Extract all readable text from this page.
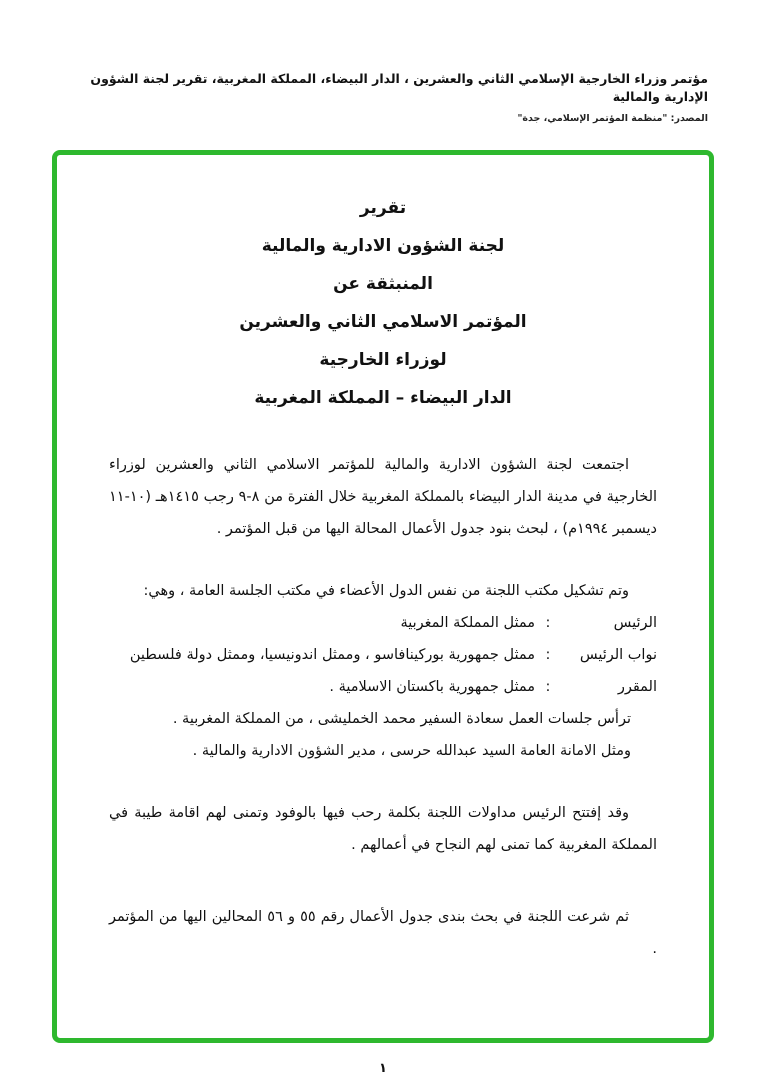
مؤتمر وزراء الخارجية الإسلامي الثاني والعشرين ، الدار البيضاء، المملكة المغربية، تقرير لجنة الشؤون الإدارية والمالية
المصدر: "منظمة المؤتمر الإسلامي، جدة"
تقرير
لجنة الشؤون الادارية والمالية
المنبثقة عن
المؤتمر الاسلامي الثاني والعشرين
لوزراء الخارجية
الدار البيضاء – المملكة المغربية

اجتمعت لجنة الشؤون الادارية والمالية للمؤتمر الاسلامي الثاني والعشرين لوزراء الخارجية في مدينة الدار البيضاء بالمملكة المغربية خلال الفترة من ٨-٩ رجب ١٤١٥هـ (١٠-١١ ديسمبر ١٩٩٤م) ، لبحث بنود جدول الأعمال المحالة اليها من قبل المؤتمر .

وتم تشكيل مكتب اللجنة من نفس الدول الأعضاء في مكتب الجلسة العامة ، وهي:

الرئيس
:
ممثل المملكة المغربية
نواب الرئيس
:
ممثل جمهورية بوركينافاسو ، وممثل اندونيسيا، وممثل دولة فلسطين
المقرر
:
ممثل جمهورية باكستان الاسلامية .

ترأس جلسات العمل سعادة السفير محمد الخمليشى ، من المملكة المغربية .

ومثل الامانة العامة السيد عبدالله حرسى ، مدير الشؤون الادارية والمالية .

وقد إفتتح الرئيس مداولات اللجنة بكلمة رحب فيها بالوفود وتمنى لهم اقامة طيبة في المملكة المغربية كما تمنى لهم النجاح في أعمالهم .

ثم شرعت اللجنة في بحث بندى جدول الأعمال رقم ٥٥ و ٥٦ المحالين اليها من المؤتمر .

١
